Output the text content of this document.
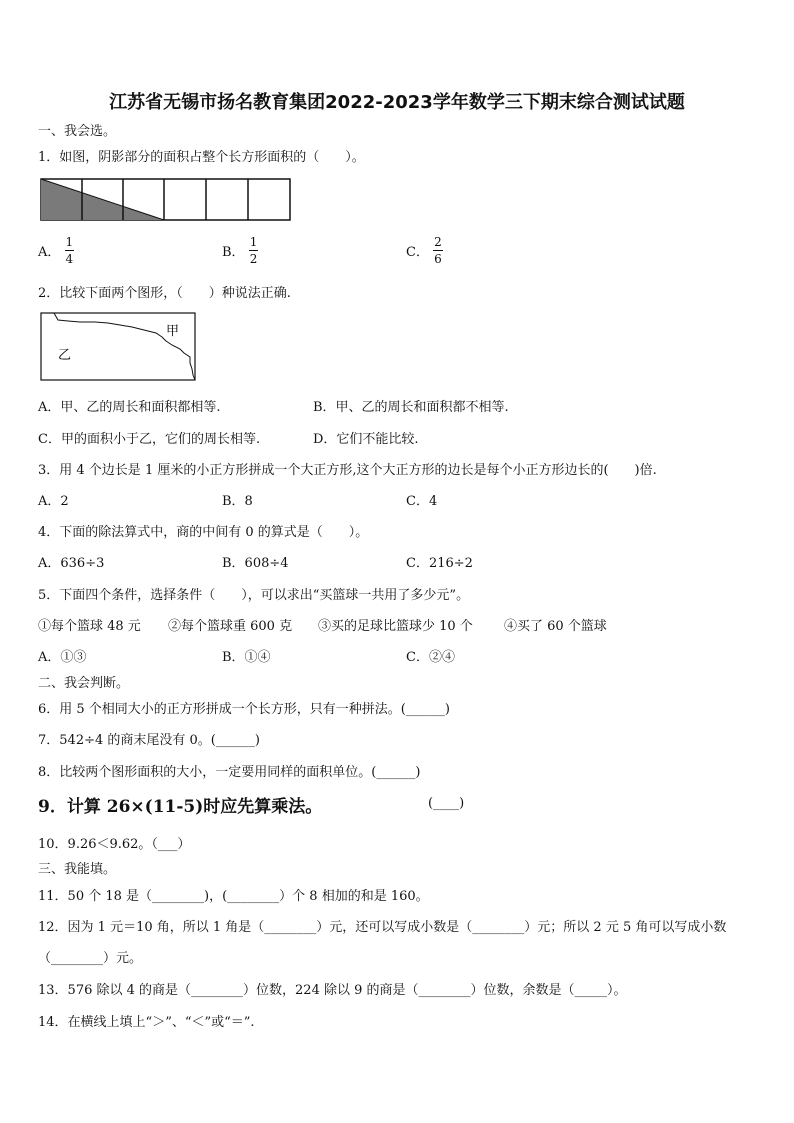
江苏省无锡市扬名教育集团2022-2023学年数学三下期末综合测试试题
一、我会选。
1．如图，阴影部分的面积占整个长方形面积的（　　）。
A． $\frac{1}{4}$	B． $\frac{1}{2}$	C． $\frac{2}{6}$
2．比较下面两个图形，（　　）种说法正确.
甲
乙
A．甲、乙的周长和面积都相等.	B．甲、乙的周长和面积都不相等.
C．甲的面积小于乙，它们的周长相等.	D．它们不能比较.
3．用 4 个边长是 1 厘米的小正方形拼成一个大正方形,这个大正方形的边长是每个小正方形边长的(　　)倍.
A．2	B．8	C．4
4．下面的除法算式中，商的中间有 0 的算式是（　　）。
A．636÷3	B．608÷4	C．216÷2
5．下面四个条件，选择条件（　　），可以求出“买篮球一共用了多少元”。
①每个篮球 48 元 ②每个篮球重 600 克 ③买的足球比篮球少 10 个 ④买了 60 个篮球
A．①③	B．①④	C．②④
二、我会判断。
6．用 5 个相同大小的正方形拼成一个长方形，只有一种拼法。(______)
7．542÷4 的商末尾没有 0。(______)
8．比较两个图形面积的大小，一定要用同样的面积单位。(______)
9．计算 26×(11-5)时应先算乘法。	(____)
10．9.26＜9.62。（___）
三、我能填。
11．50 个 18 是（________)，(________）个 8 相加的和是 160。
12．因为 1 元＝10 角，所以 1 角是（________）元，还可以写成小数是（________）元；所以 2 元 5 角可以写成小数
（________）元。
13．576 除以 4 的商是（________）位数，224 除以 9 的商是（________）位数，余数是（_____）。
14．在横线上填上“＞”、“＜”或“＝”.
